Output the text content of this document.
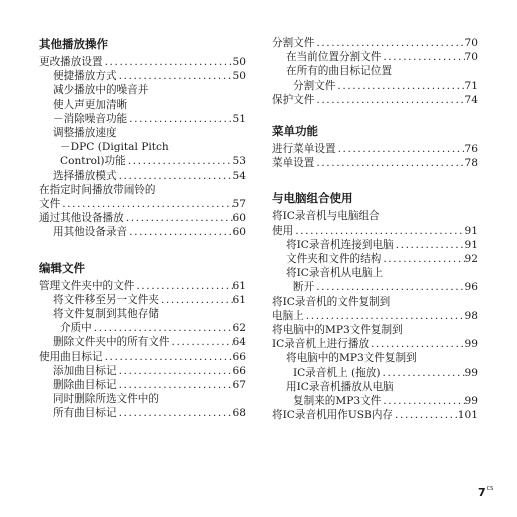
其他播放操作
更改播放设置 .....	50
便捷播放方式 .....	50
减少播放中的噪音并
使人声更加清晰
－消除噪音功能 .....	51
调整播放速度
－DPC (Digital Pitch
Control)功能 .....	53
选择播放模式 .....	54
在指定时间播放带闹铃的
文件 .....	57
通过其他设备播放 .....	60
用其他设备录音 .....	60
编辑文件
管理文件夹中的文件 .....	61
将文件移至另一文件夹 .....	61
将文件复制到其他存储
介质中 .....	62
删除文件夹中的所有文件 .....	64
使用曲目标记 .....	66
添加曲目标记 .....	66
删除曲目标记 .....	67
同时删除所选文件中的
所有曲目标记 .....	68
分割文件 .....	70
在当前位置分割文件 .....	70
在所有的曲目标记位置
分割文件 .....	71
保护文件 .....	74
菜单功能
进行菜单设置 .....	76
菜单设置 .....	78
与电脑组合使用
将IC录音机与电脑组合
使用 .....	91
将IC录音机连接到电脑 .....	91
文件夹和文件的结构 .....	92
将IC录音机从电脑上
断开 .....	96
将IC录音机的文件复制到
电脑上 .....	98
将电脑中的MP3文件复制到
IC录音机上进行播放 .....	99
将电脑中的MP3文件复制到
IC录音机上 (拖放) .....	99
用IC录音机播放从电脑
复制来的MP3文件 .....	99
将IC录音机用作USB内存 .....	101
$7^{CS}$
